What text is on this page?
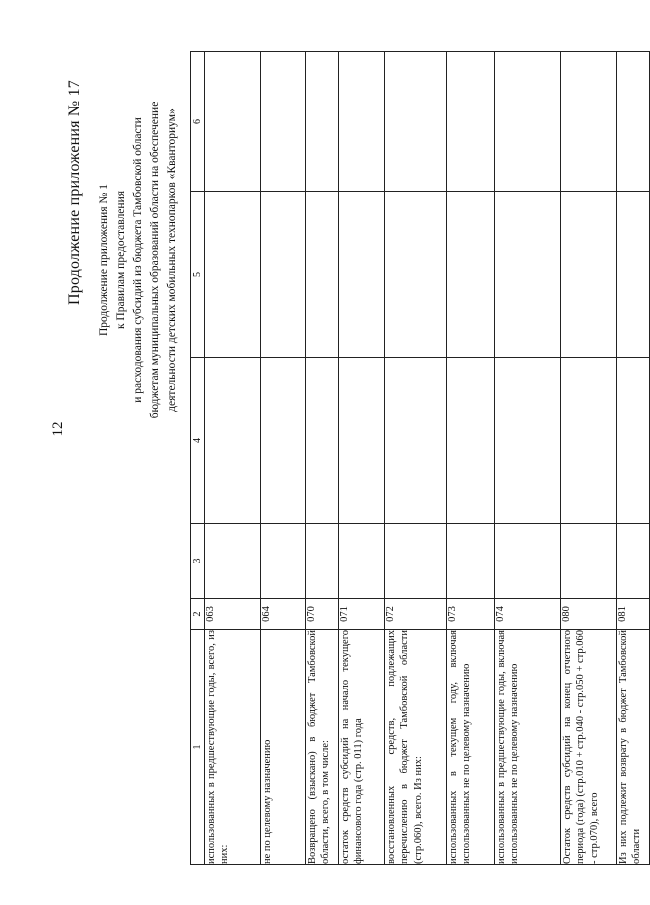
12
Продолжение приложения № 17 Продолжение приложения № 1 к Правилам предоставления и расходования субсидий из бюджета Тамбовской области бюджетам муниципальных образований области на обеспечение деятельности детских мобильных технопарков «Кванториум»
1	2	3	4	5	6
использованных в предшествующие годы, всего, из них:	063				
не по целевому назначению	064				
Возвращено (взыскано) в бюджет Тамбовской области, всего, в том числе:	070				
остаток средств субсидий на начало текущего финансового года (стр. 011) года	071				
восстановленных средств, подлежащих перечислению в бюджет Тамбовской области (стр.060), всего. Из них:	072				
использованных в текущем году, включая использованных не по целевому назначению	073				
использованных в предшествующие годы, включая использованных не по целевому назначению	074				
Остаток средств субсидий на конец отчетного периода (года) (стр.010 + стр.040 - стр.050 + стр.060 - стр.070), всего	080				
Из них подлежит возврату в бюджет Тамбовской области	081				
